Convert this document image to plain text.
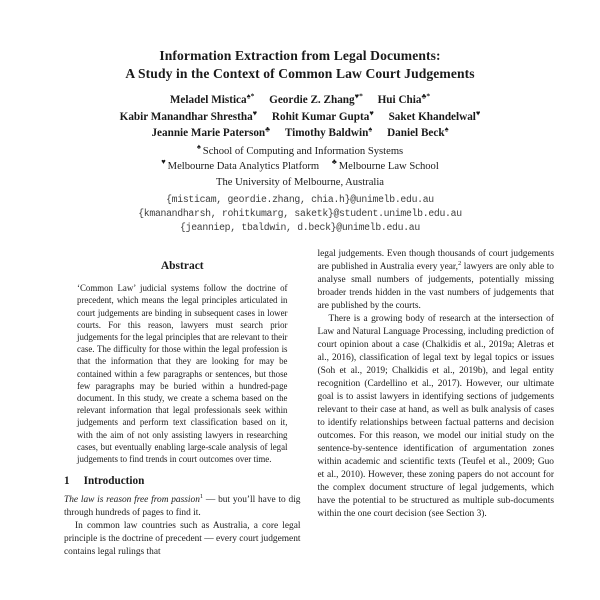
Information Extraction from Legal Documents:
A Study in the Context of Common Law Court Judgements
Meladel Mistica♠* Geordie Z. Zhang♥* Hui Chia♣*
Kabir Manandhar Shrestha♥ Rohit Kumar Gupta♥ Saket Khandelwal♥
Jeannie Marie Paterson♣ Timothy Baldwin♠ Daniel Beck♠
♠ School of Computing and Information Systems
♥ Melbourne Data Analytics Platform ♣ Melbourne Law School
The University of Melbourne, Australia
{misticam, geordie.zhang, chia.h}@unimelb.edu.au
{kmanandharsh, rohitkumarg, saketk}@student.unimelb.edu.au
{jeanniep, tbaldwin, d.beck}@unimelb.edu.au
Abstract

‘Common Law’ judicial systems follow the doctrine of precedent, which means the legal principles articulated in court judgements are binding in subsequent cases in lower courts. For this reason, lawyers must search prior judgements for the legal principles that are relevant to their case. The difficulty for those within the legal profession is that the information that they are looking for may be contained within a few paragraphs or sentences, but those few paragraphs may be buried within a hundred-page document. In this study, we create a schema based on the relevant information that legal professionals seek within judgements and perform text classification based on it, with the aim of not only assisting lawyers in researching cases, but eventually enabling large-scale analysis of legal judgements to find trends in court outcomes over time.

1 Introduction

The law is reason free from passion$^1$ — but you’ll have to dig through hundreds of pages to find it.

In common law countries such as Australia, a core legal principle is the doctrine of precedent — every court judgement contains legal rulings that

legal judgements. Even though thousands of court judgements are published in Australia every year,$^2$ lawyers are only able to analyse small numbers of judgements, potentially missing broader trends hidden in the vast numbers of judgements that are published by the courts.

There is a growing body of research at the intersection of Law and Natural Language Processing, including prediction of court opinion about a case (Chalkidis et al., 2019a; Aletras et al., 2016), classification of legal text by legal topics or issues (Soh et al., 2019; Chalkidis et al., 2019b), and legal entity recognition (Cardellino et al., 2017). However, our ultimate goal is to assist lawyers in identifying sections of judgements relevant to their case at hand, as well as bulk analysis of cases to identify relationships between factual patterns and decision outcomes. For this reason, we model our initial study on the sentence-by-sentence identification of argumentation zones within academic and scientific texts (Teufel et al., 2009; Guo et al., 2010). However, these zoning papers do not account for the complex document structure of legal judgements, which have the potential to be structured as multiple sub-documents within the one court decision (see Section 3).
